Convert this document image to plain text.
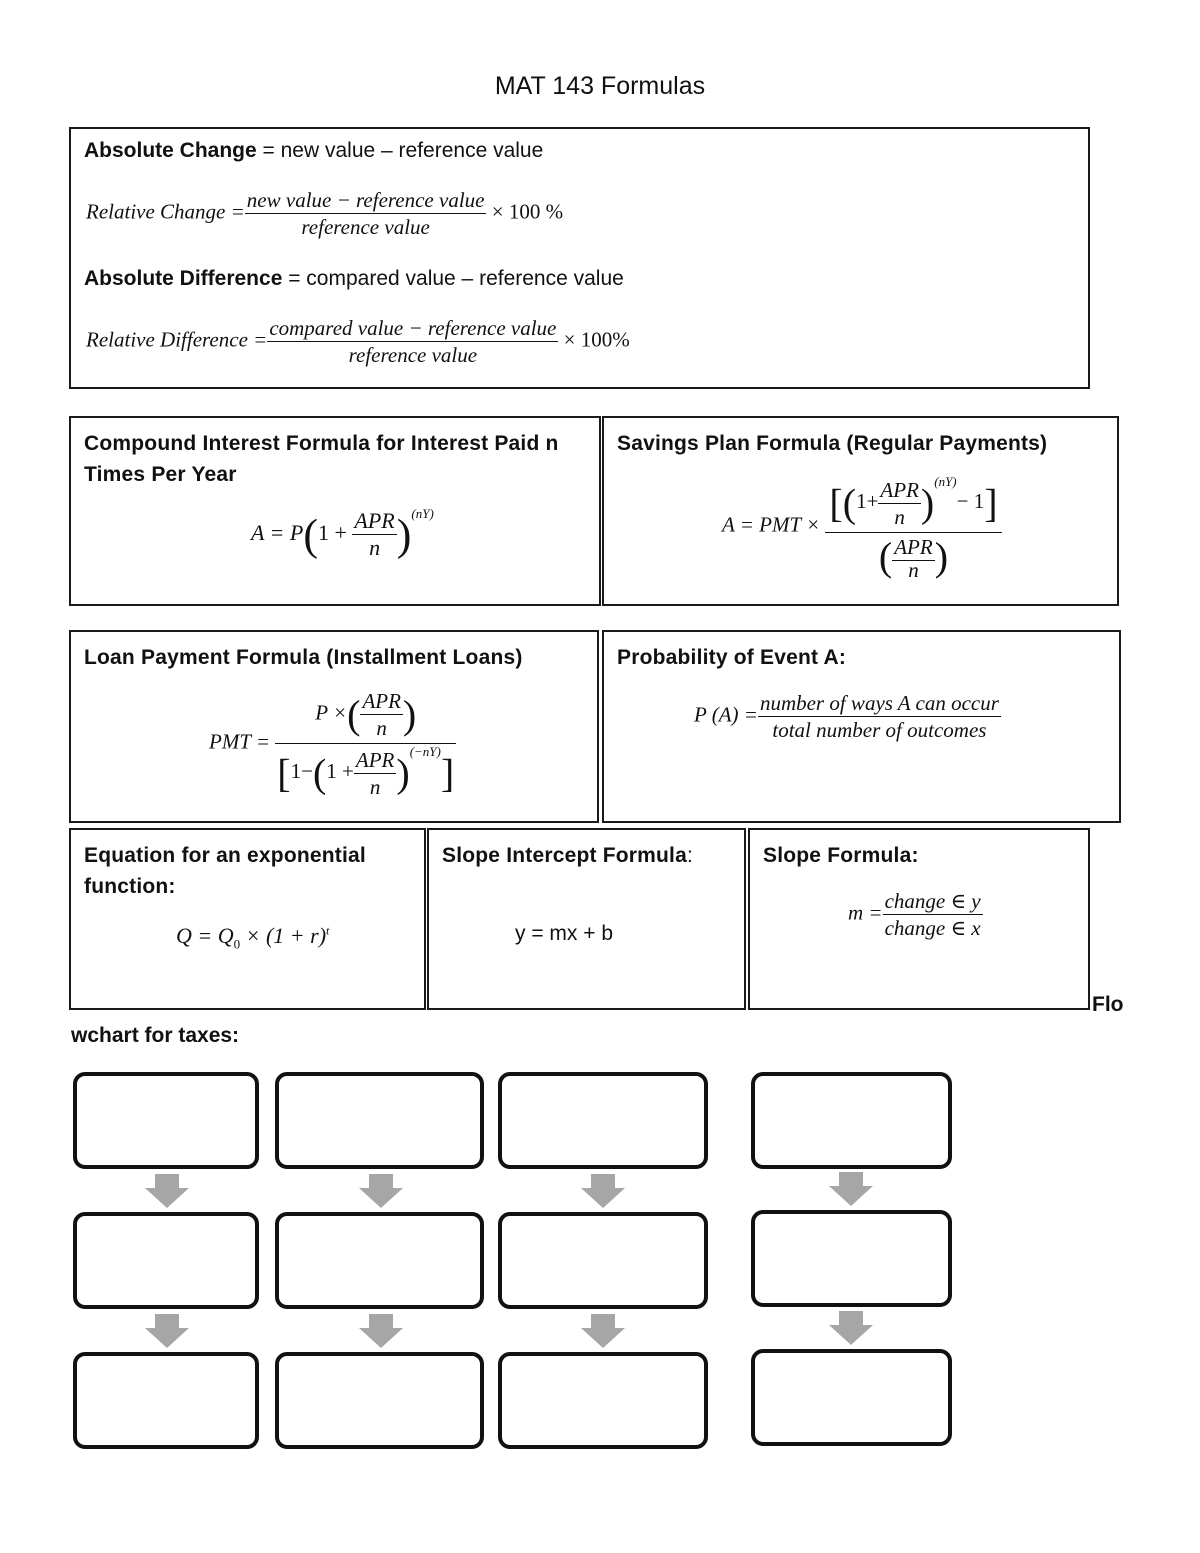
MAT 143 Formulas
Absolute Change = new value – reference value
Relative Change = $\frac{\text{new value − reference value}}{\text{reference value}} \times 100$ %
Absolute Difference = compared value – reference value
Relative Difference = $\frac{\text{compared value − reference value}}{\text{reference value}} \times 100\%$
Compound Interest Formula for Interest Paid n Times Per Year
$A = P(1 + \frac{\text{APR}}{n} )^{(nY)}$
Savings Plan Formula (Regular Payments)
A = PMT × $\frac{[(1+ \frac{\text{APR}}{n} )^{(nY)}- 1]}{( \frac{\text{APR}}{n} )}$
Loan Payment Formula (Installment Loans)
PMT = $\frac{P \times( \frac{\text{APR}}{n} )}{[1-(1 + \frac{\text{APR}}{n} )^{(-nY)}]}$
Probability of Event A:
P $(A) = \frac{\text{number of ways A can occur}}{\text{total number of outcomes}}$
Equation for an exponential function:
$Q = Q_0 \times (1 + r)^t$
Slope Intercept Formula:
y = mx + b
Slope Formula:
$m = \frac{\text{change ∈ y}}{\text{change ∈ x}}$
Flo
wchart for taxes:
